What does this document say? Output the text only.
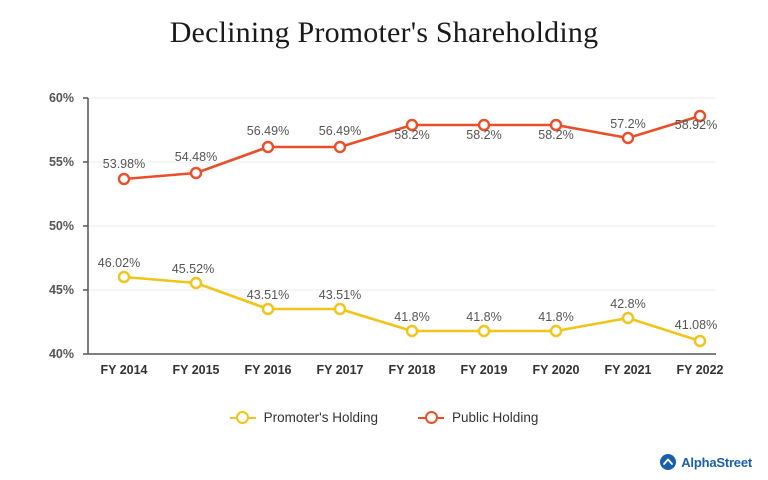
Declining Promoter's Shareholding
60%
55%
50%
45%
40%
FY 2014	FY 2015	FY 2016	FY 2017	FY 2018	FY 2019	FY 2020	FY 2021	FY 2022
53.98%	54.48%
56.49%	56.49%	58.2%	58.2%	58.2%
57.2%	58.92%
46.02%	45.52%
43.51%	43.51%
41.8%	41.8%	41.8%
42.8%
41.08%
Promoter's Holding	Public Holding
AlphaStreet
